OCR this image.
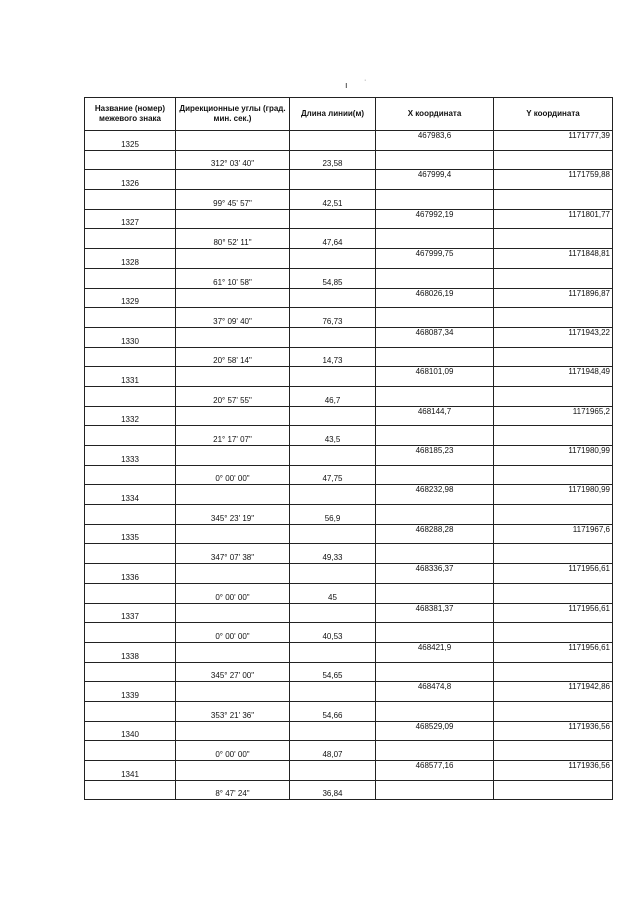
ı ·
Название (номер) межевого знака	Дирекционные углы (град. мин. сек.)	Длина линии(м)	X координата	Y координата
1325			467983,6	1171777,39
	312° 03' 40"	23,58		
1326			467999,4	1171759,88
	99° 45' 57"	42,51		
1327			467992,19	1171801,77
	80° 52' 11"	47,64		
1328			467999,75	1171848,81
	61° 10' 58"	54,85		
1329			468026,19	1171896,87
	37° 09' 40"	76,73		
1330			468087,34	1171943,22
	20° 58' 14"	14,73		
1331			468101,09	1171948,49
	20° 57' 55"	46,7		
1332			468144,7	1171965,2
	21° 17' 07"	43,5		
1333			468185,23	1171980,99
	0° 00' 00"	47,75		
1334			468232,98	1171980,99
	345° 23' 19"	56,9		
1335			468288,28	1171967,6
	347° 07' 38"	49,33		
1336			468336,37	1171956,61
	0° 00' 00"	45		
1337			468381,37	1171956,61
	0° 00' 00"	40,53		
1338			468421,9	1171956,61
	345° 27' 00"	54,65		
1339			468474,8	1171942,86
	353° 21' 36"	54,66		
1340			468529,09	1171936,56
	0° 00' 00"	48,07		
1341			468577,16	1171936,56
	8° 47' 24"	36,84		
